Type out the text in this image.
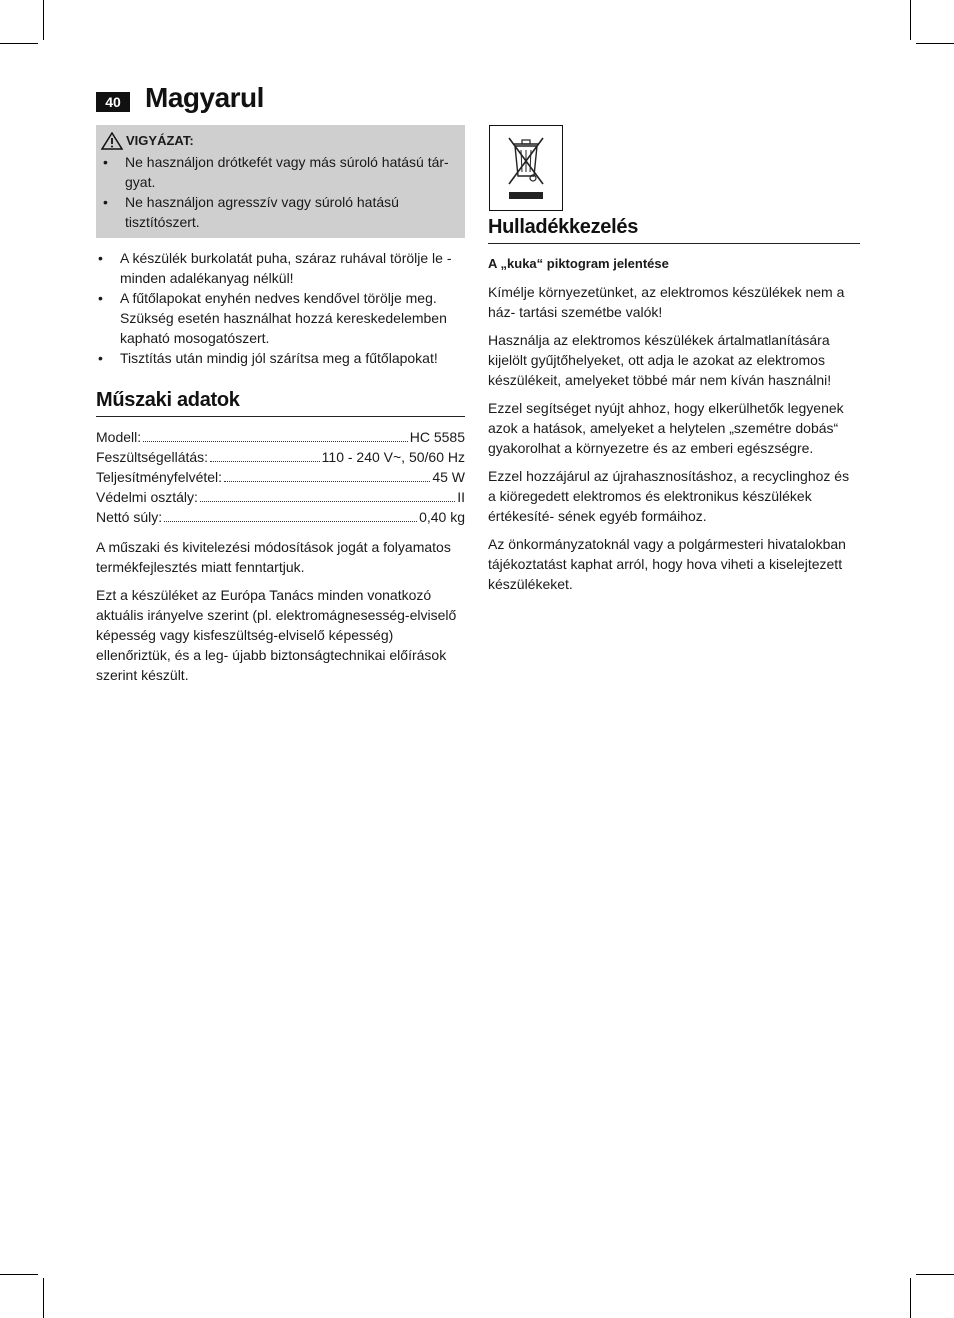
40 Magyarul
VIGYÁZAT:
• Ne használjon drótkefét vagy más súroló hatású tár- gyat.
• Ne használjon agresszív vagy súroló hatású tisztítószert.
• A készülék burkolatát puha, száraz ruhával törölje le - minden adalékanyag nélkül!
• A fűtőlapokat enyhén nedves kendővel törölje meg. Szükség esetén használhat hozzá kereskedelemben kapható mosogatószert.
• Tisztítás után mindig jól szárítsa meg a fűtőlapokat!
Műszaki adatok
Modell:	HC 5585
Feszültségellátás:	110 - 240 V~, 50/60 Hz
Teljesítményfelvétel:	45 W
Védelmi osztály:	II
Nettó súly:	0,40 kg

A műszaki és kivitelezési módosítások jogát a folyamatos termékfejlesztés miatt fenntartjuk.

Ezt a készüléket az Európa Tanács minden vonatkozó aktuális irányelve szerint (pl. elektromágnesesség-elviselő képesség vagy kisfeszültség-elviselő képesség) ellenőriztük, és a leg- újabb biztonságtechnikai előírások szerint készült.

Hulladékkezelés
A „kuka“ piktogram jelentése

Kímélje környezetünket, az elektromos készülékek nem a ház- tartási szemétbe valók!

Használja az elektromos készülékek ártalmatlanítására kijelölt gyűjtőhelyeket, ott adja le azokat az elektromos készülékeit, amelyeket többé már nem kíván használni!

Ezzel segítséget nyújt ahhoz, hogy elkerülhetők legyenek azok a hatások, amelyeket a helytelen „szemétre dobás“ gyakorolhat a környezetre és az emberi egészségre.

Ezzel hozzájárul az újrahasznosításhoz, a recyclinghoz és a kiöregedett elektromos és elektronikus készülékek értékesíté- sének egyéb formáihoz.

Az önkormányzatoknál vagy a polgármesteri hivatalokban tájékoztatást kaphat arról, hogy hova viheti a kiselejtezett készülékeket.
